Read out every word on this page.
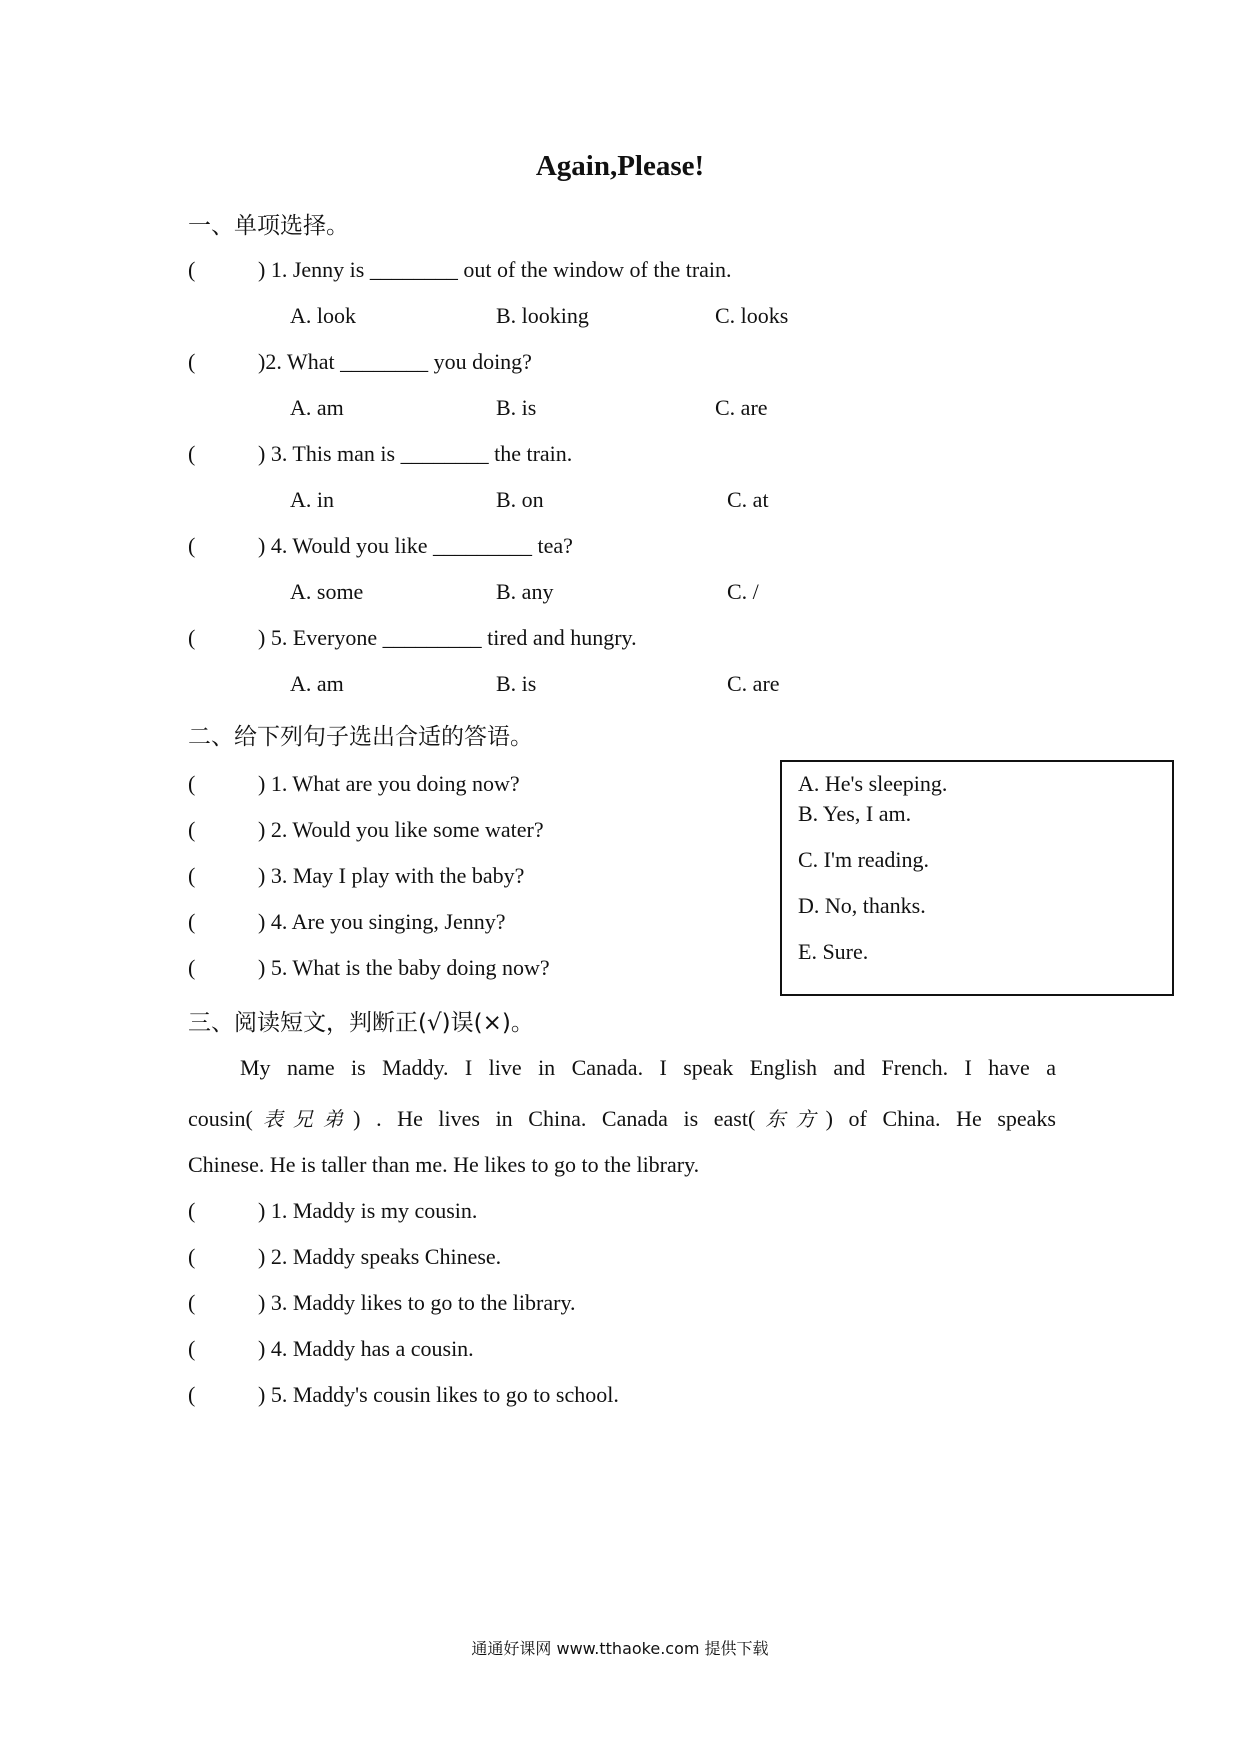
Again,Please!
一、单项选择。
(	) 1. Jenny is ________ out of the window of the train.
A. look	B. looking	C. looks
(	)2. What ________ you doing?
A. am	B. is	C. are
(	) 3. This man is ________ the train.
A. in	B. on	C. at
(	) 4. Would you like _________ tea?
A. some	B. any	C. /
(	) 5. Everyone _________ tired and hungry.
A. am	B. is	C. are
二、给下列句子选出合适的答语。
(	) 1. What are you doing now?
(	) 2. Would you like some water?
(	) 3. May I play with the baby?
(	) 4. Are you singing, Jenny?
(	) 5. What is the baby doing now?
A. He's sleeping.
B. Yes, I am.
C. I'm reading.
D. No, thanks.
E. Sure.
三、阅读短文，判断正(√)误(×)。
My name is Maddy. I live in Canada. I speak English and French. I have a
cousin(表兄弟) . He lives in China. Canada is east(东方) of China. He speaks
Chinese. He is taller than me. He likes to go to the library.
(	) 1. Maddy is my cousin.
(	) 2. Maddy speaks Chinese.
(	) 3. Maddy likes to go to the library.
(	) 4. Maddy has a cousin.
(	) 5. Maddy's cousin likes to go to school.
通通好课网 www.tthaoke.com 提供下载
